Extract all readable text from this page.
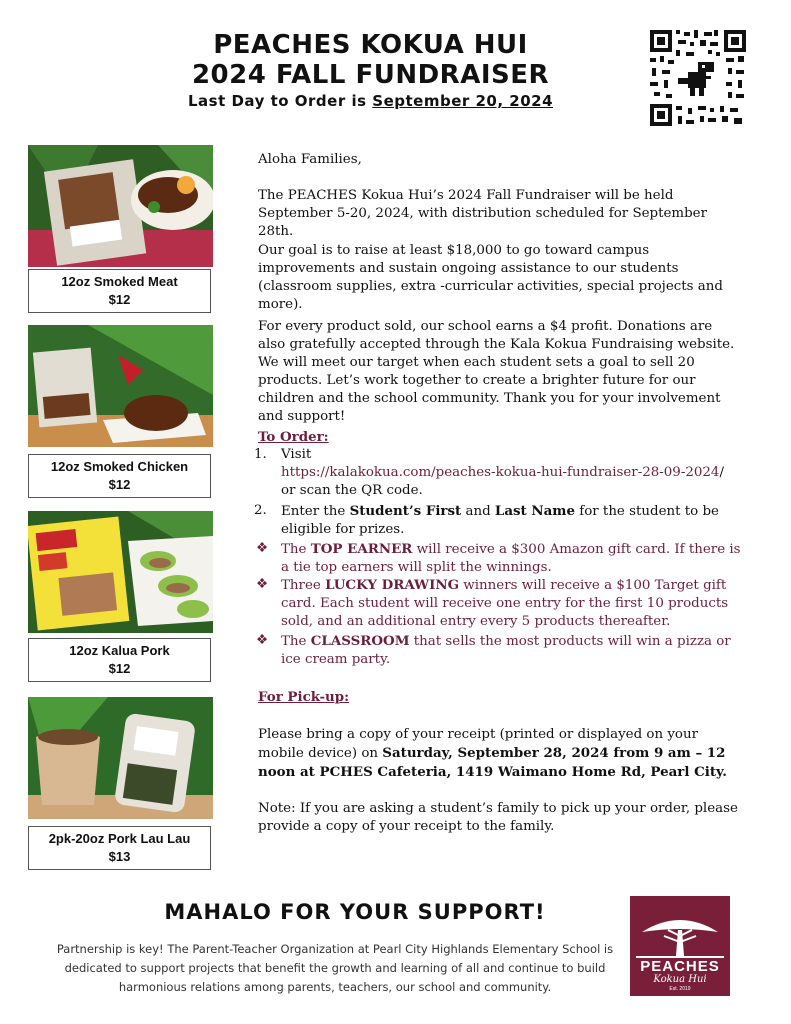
PEACHES KOKUA HUI
2024 FALL FUNDRAISER
Last Day to Order is September 20, 2024
12oz Smoked Meat
$12
12oz Smoked Chicken
$12
12oz Kalua Pork
$12
2pk-20oz Pork Lau Lau
$13
Aloha Families,
The PEACHES Kokua Hui’s 2024 Fall Fundraiser will be held September 5-20, 2024, with distribution scheduled for September 28th.
Our goal is to raise at least $18,000 to go toward campus improvements and sustain ongoing assistance to our students (classroom supplies, extra -curricular activities, special projects and more).
For every product sold, our school earns a $4 profit. Donations are also gratefully accepted through the Kala Kokua Fundraising website. We will meet our target when each student sets a goal to sell 20 products. Let’s work together to create a brighter future for our children and the school community. Thank you for your involvement and support!
To Order:
1.	Visit
https://kalakokua.com/peaches-kokua-hui-fundraiser-28-09-2024/
or scan the QR code.
2.	Enter the Student’s First and Last Name for the student to be eligible for prizes.
❖ The TOP EARNER will receive a $300 Amazon gift card. If there is a tie top earners will split the winnings.
❖ Three LUCKY DRAWING winners will receive a $100 Target gift card. Each student will receive one entry for the first 10 products sold, and an additional entry every 5 products thereafter.
❖ The CLASSROOM that sells the most products will win a pizza or ice cream party.
For Pick-up:
Please bring a copy of your receipt (printed or displayed on your mobile device) on Saturday, September 28, 2024 from 9 am – 12 noon at PCHES Cafeteria, 1419 Waimano Home Rd, Pearl City.
Note: If you are asking a student’s family to pick up your order, please provide a copy of your receipt to the family.
MAHALO FOR YOUR SUPPORT!
Partnership is key! The Parent-Teacher Organization at Pearl City Highlands Elementary School is dedicated to support projects that benefit the growth and learning of all and continue to build harmonious relations among parents, teachers, our school and community.
PEACHES
Kokua Hui
Est. 2019
